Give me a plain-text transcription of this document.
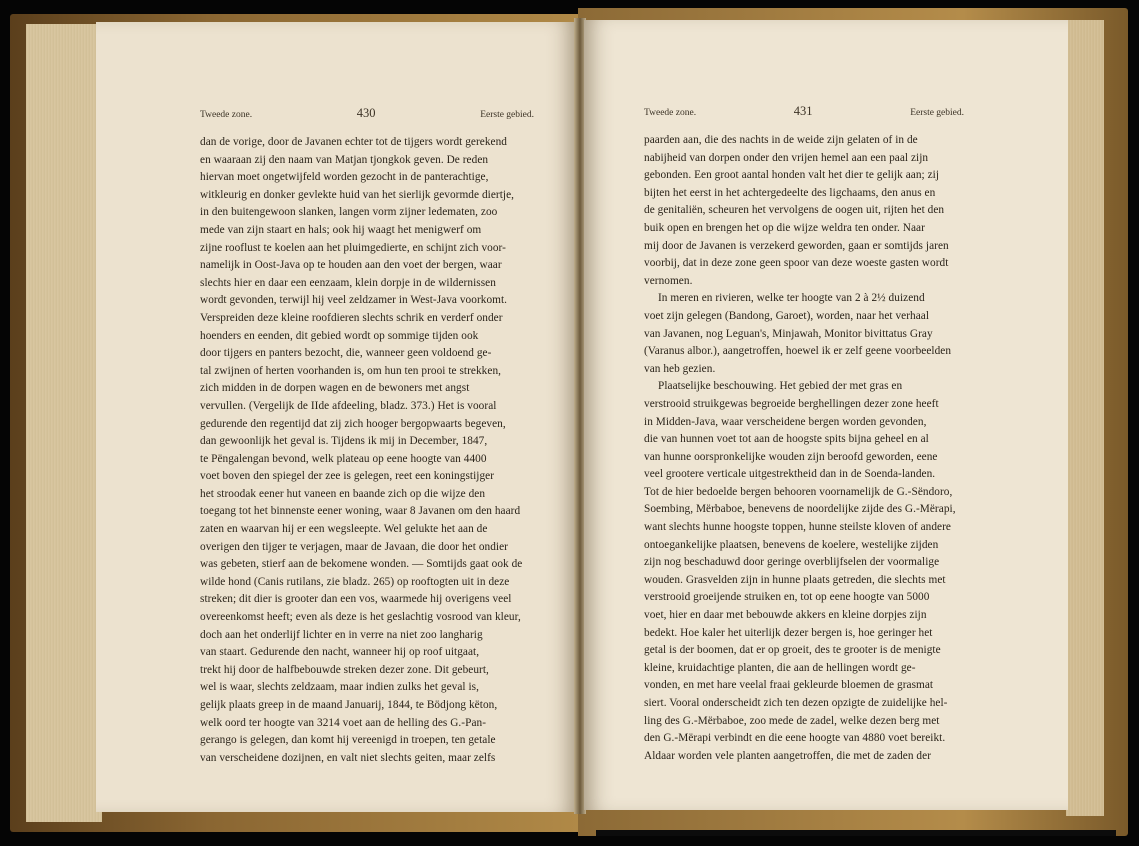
Tweede zone.	430	Eerste gebied.
dan de vorige, door de Javanen echter tot de tijgers wordt gerekend
en waaraan zij den naam van Matjan tjongkok geven. De reden
hiervan moet ongetwijfeld worden gezocht in de panterachtige,
witkleurig en donker gevlekte huid van het sierlijk gevormde diertje,
in den buitengewoon slanken, langen vorm zijner ledematen, zoo
mede van zijn staart en hals; ook hij waagt het menigwerf om
zijne rooflust te koelen aan het pluimgedierte, en schijnt zich voor-
namelijk in Oost-Java op te houden aan den voet der bergen, waar
slechts hier en daar een eenzaam, klein dorpje in de wildernissen
wordt gevonden, terwijl hij veel zeldzamer in West-Java voorkomt.
Verspreiden deze kleine roofdieren slechts schrik en verderf onder
hoenders en eenden, dit gebied wordt op sommige tijden ook
door tijgers en panters bezocht, die, wanneer geen voldoend ge-
tal zwijnen of herten voorhanden is, om hun ten prooi te strekken,
zich midden in de dorpen wagen en de bewoners met angst
vervullen. (Vergelijk de IIde afdeeling, bladz. 373.) Het is vooral
gedurende den regentijd dat zij zich hooger bergopwaarts begeven,
dan gewoonlijk het geval is. Tijdens ik mij in December, 1847,
te Pëngalengan bevond, welk plateau op eene hoogte van 4400
voet boven den spiegel der zee is gelegen, reet een koningstijger
het stroodak eener hut vaneen en baande zich op die wijze den
toegang tot het binnenste eener woning, waar 8 Javanen om den haard
zaten en waarvan hij er een wegsleepte. Wel gelukte het aan de
overigen den tijger te verjagen, maar de Javaan, die door het ondier
was gebeten, stierf aan de bekomene wonden. — Somtijds gaat ook de
wilde hond (Canis rutilans, zie bladz. 265) op rooftogten uit in deze
streken; dit dier is grooter dan een vos, waarmede hij overigens veel
overeenkomst heeft; even als deze is het geslachtig vosrood van kleur,
doch aan het onderlijf lichter en in verre na niet zoo langharig
van staart. Gedurende den nacht, wanneer hij op roof uitgaat,
trekt hij door de halfbebouwde streken dezer zone. Dit gebeurt,
wel is waar, slechts zeldzaam, maar indien zulks het geval is,
gelijk plaats greep in de maand Januarij, 1844, te Bödjong këton,
welk oord ter hoogte van 3214 voet aan de helling des G.-Pan-
gerango is gelegen, dan komt hij vereenigd in troepen, ten getale
van verscheidene dozijnen, en valt niet slechts geiten, maar zelfs
Tweede zone.	431	Eerste gebied.
paarden aan, die des nachts in de weide zijn gelaten of in de
nabijheid van dorpen onder den vrijen hemel aan een paal zijn
gebonden. Een groot aantal honden valt het dier te gelijk aan; zij
bijten het eerst in het achtergedeelte des ligchaams, den anus en
de genitaliën, scheuren het vervolgens de oogen uit, rijten het den
buik open en brengen het op die wijze weldra ten onder. Naar
mij door de Javanen is verzekerd geworden, gaan er somtijds jaren
voorbij, dat in deze zone geen spoor van deze woeste gasten wordt
vernomen.
In meren en rivieren, welke ter hoogte van 2 à 2½ duizend
voet zijn gelegen (Bandong, Garoet), worden, naar het verhaal
van Javanen, nog Leguan's, Minjawah, Monitor bivittatus Gray
(Varanus albor.), aangetroffen, hoewel ik er zelf geene voorbeelden
van heb gezien.
Plaatselijke beschouwing. Het gebied der met gras en
verstrooid struikgewas begroeide berghellingen dezer zone heeft
in Midden-Java, waar verscheidene bergen worden gevonden,
die van hunnen voet tot aan de hoogste spits bijna geheel en al
van hunne oorspronkelijke wouden zijn beroofd geworden, eene
veel grootere verticale uitgestrektheid dan in de Soenda-landen.
Tot de hier bedoelde bergen behooren voornamelijk de G.-Sëndoro,
Soembing, Mërbaboe, benevens de noordelijke zijde des G.-Mërapi,
want slechts hunne hoogste toppen, hunne steilste kloven of andere
ontoegankelijke plaatsen, benevens de koelere, westelijke zijden
zijn nog beschaduwd door geringe overblijfselen der voormalige
wouden. Grasvelden zijn in hunne plaats getreden, die slechts met
verstrooid groeijende struiken en, tot op eene hoogte van 5000
voet, hier en daar met bebouwde akkers en kleine dorpjes zijn
bedekt. Hoe kaler het uiterlijk dezer bergen is, hoe geringer het
getal is der boomen, dat er op groeit, des te grooter is de menigte
kleine, kruidachtige planten, die aan de hellingen wordt ge-
vonden, en met hare veelal fraai gekleurde bloemen de grasmat
siert. Vooral onderscheidt zich ten dezen opzigte de zuidelijke hel-
ling des G.-Mërbaboe, zoo mede de zadel, welke dezen berg met
den G.-Mërapi verbindt en die eene hoogte van 4880 voet bereikt.
Aldaar worden vele planten aangetroffen, die met de zaden der
